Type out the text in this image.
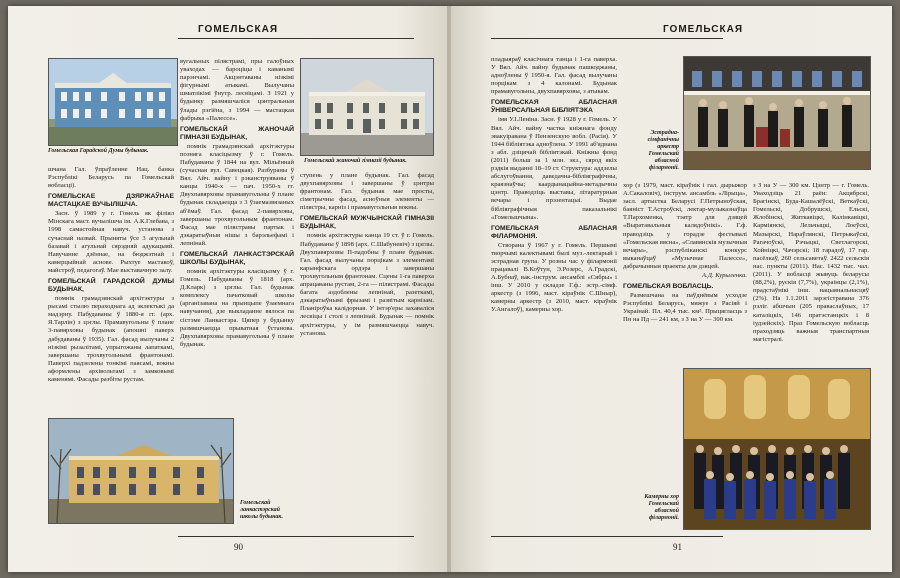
ГОМЕЛЬСКАЯ
Гомельская Гарадской Думы будынак.
Гомельскай жаночай гімназіі будынак.
Гомельскай ланкастэрскай школы будынак.

шчана Гал. ўпраўленне Нац. банка Рэспублікі Беларусь па Гомельскай вобласці).

ГОМЕЛЬСКАЕ ДЗЯРЖАЎНАЕ МАСТАЦКАЕ ВУЧЫЛІШЧА.

Засн. ў 1989 у г. Гомель як філіял Мінскага маст. вучылішча ім. А.К.Глебава, з 1998 самастойная навуч. установа з сучаснай назвай. Прыняты ўсе 3 агульнай базавай і агульнай сярэдняй адукацыяй. Навучанне дзённае, на бюджэтнай і камерцыйнай аснове. Рыхтуе мастакоў, майстроў, педагогаў. Мае выставачную залу.

ГОМЕЛЬСКАЙ ГАРАДСКОЙ ДУМЫ БУДЫНАК,

помнік грамадзянскай архітэктуры з рысамі стылю пераходнага ад эклектыкі да мадэрну. Пабудаваны ў 1880-я гг. (арх. Я.Тарлін) з цэглы. Прамавугольны ў плане 3-павярховы будынак (апошні паверх дабудаваны ў 1935). Гал. фасад вылучаны 2 нізкімі рызалітамі, упрыгожаны лапаткамі, завершаны трохвугольнымі франтонамі. Паверхі падзелены тонкімі паясамі, вокны аформлены архівольтамі з замковымі каменямі. Фасады разбіты рустам.

вугальных пілястрамі, пры галоўных уваходах — бароціцы і каванымі парэнчамі. Акцэнтаваны нізкімі фігурнымі атыкамі. Вылучаны шматлікімі ўнутр. лесвіцамі. З 1921 у будынку размяшчаліся цэнтральныя ўлады рэгіёна, з 1994 — мастацкая фабрыка «Палессе».

ГОМЕЛЬСКАЙ ЖАНОЧАЙ ГІМНАЗІІ БУДЫНАК,

помнік грамадзянскай архітэктуры позняга класіцызму ў г. Гомель. Пабудаваны ў 1844 на вул. Мільённай (сучасная вул. Савецкая). Разбураны ў Вял. Айч. вайну і рэканструяваны ў канцы 1940-х — пач. 1950-х гг. Двухпавярховы прамавугольны ў плане будынак складаецца з 3 ўзаемазвязаных аб'ёмаў. Гал. фасад 2-павярховы, завершаны трохвугольным франтонам. Фасад мае пілястравы партык і дэкаратыўныя нішы з барэльефамі і лепнінай.

ГОМЕЛЬСКАЙ ЛАНКАСТЭРСКАЙ ШКОЛЫ БУДЫНАК,

помнік архітэктуры класіцызму ў г. Гомель. Пабудаваны ў 1818 (арх. Д.Кларк) з цэглы. Гал. будынак комплексу пачатковай школы (арганізавана на прынцыпе ўзаемнага навучання), дзе выкладанне вялося па сістэме Ланкастэра. Цяпер у будынку размяшчаецца прыватная ўстанова. Двухпавярховы прамавугольны ў плане будынак.

ступень у плане будынак. Гал. фасад двухпавярховы і завершаны ў цэнтры франтонам. Гал. будынак мае просты, сіметрычны фасад, асноўныя элементы — пілястры, карніз і прамавугольныя вокны.

ГОМЕЛЬСКАЙ МУЖЧЫНСКАЙ ГІМНАЗІІ БУДЫНАК,

помнік архітэктуры канца 19 ст. ў г. Гомель. Пабудаваны ў 1898 (арх. С.Шабуневіч) з цэглы. Двухпавярховы П-падобны ў плане будынак. Гал. фасад вылучаны порцікам з элементамі карынфскага ордэра і завершаны трохвугольным франтонам. Сцены 1-га паверха апрацаваны рустам, 2-га — пілястрамі. Фасады багата аздоблены лепнінай, разеткамі, дэкаратыўнымі фрызамі і развітым карнізам. Планіроўка калідорная. У інтэр'еры захаваліся лесвіцы і столі з лепнінай. Будынак — помнік архітэктуры, у ім размяшчаецца навуч. установа.

90
ГОМЕЛЬСКАЯ
Эстрадна-сімфанічны аркестр Гомельскай абласной філармоніі.
Камерны хор Гомельскай абласной філармоніі.

пладыяраў класічнага танца і 1-га паверха. У Вял. Айч. вайну будынак пашкоджаны, адноўлены ў 1950-я. Гал. фасад вылучаны порцікам з 4 калонамі. Будынак прамавугольны, двухпавярховы, з атыкам.

ГОМЕЛЬСКАЯ АБЛАСНАЯ ЎНІВЕРСАЛЬНАЯ БІБЛІЯТЭКА

імя У.І.Леніна. Засн. ў 1928 у г. Гомель. У Вял. Айч. вайну частка кніжнага фонду эвакуіравана ў Пензенскую вобл. (Расія). У 1944 бібліятэка адноўлена. У 1991 аб'яднана з абл. дзіцячай бібліятэкай. Кніжны фонд (2011) больш за 1 млн. экз., сярод якіх рэдкія выданні 18–19 ст. Структура: аддзелы абслугоўвання, даведачна-бібліяграфічны, краязнаўчы; каардынацыйна-метадычны цэнтр. Праводзіць выставы, літаратурныя вечары і прэзентацыі. Выдае бібліяграфічныя паказальнікі «Гомельшчына».

ГОМЕЛЬСКАЯ АБЛАСНАЯ ФІЛАРМОНІЯ.

Створана ў 1967 у г. Гомель. Першымі творчымі калектывамі былі муз.-лектарый і эстрадная група. У розны час у філармоніі працавалі В.Коўтун, Э.Розерс, А.Градскі, А.Бубнаў, вак.-інструм. ансамблі «Сябры» і інш. У 2010 у складзе Г.ф.: эстр.-сімф. аркестр (з 1996, маст. кіраўнік С.Шныр), камерны аркестр (з 2010, маст. кіраўнік У.Ангалоў), камерны хор.

хор (з 1979, маст. кіраўнік і гал. дырыжор А.Сакаловіч), інструм. ансамбль «Лірыца», засл. артыстка Беларусі Г.Петрыноўская, баяніст Т.Астроўскі, лектар-музыказнаўца Т.Пархоменка, тэатр для дзяцей «Выратавальныя калядоўнікі». Г.ф. праводзіць у горадзе фестывалі «Гомельская вясна», «Славянскія музычныя вечары», рэспубліканскі конкурс выканаўцаў «Музычнае Палессе», дабрачынныя праекты для дзяцей.

А.Д. Курыленка.

ГОМЕЛЬСКАЯ ВОБЛАСЦЬ.

Размешчана на паўднёвым усходзе Рэспублікі Беларусь, мяжуе з Расіяй і Украінай. Пл. 40,4 тыс. км². Прыцягласць з Пн на Пд — 241 км, з З на У — 300 км.

з З на У — 300 км. Цэнтр — г. Гомель. Уваходзіць 21 раён: Акцябрскі, Брагінскі, Буда-Кашалёўскі, Веткаўскі, Гомельскі, Добрушскі, Ельскі, Жлобінскі, Житкавіцкі, Калінкавіцкі, Карміянскі, Лельчыцкі, Лоеўскі, Мазырскі, Нараўлянскі, Петрыкаўскі, Рагачоўскі, Рэчыцкі, Светлагорскі, Хойніцкі, Чачэрскі; 18 гарадоў, 17 гар. пасёлкаў, 260 сельсаветаў. 2422 сельскія нас. пункты (2011). Нас. 1432 тыс. чал. (2011). У вобласці жывуць беларусы (88,2%), рускія (7,7%), украінцы (2,1%), прадстаўнікі інш. нацыянальнасцяў (2%). На 1.1.2011 зарэгістравана 376 рэліг. абшчын (205 праваслаўных, 17 каталіцкіх, 146 пратэстанцкіх і 8 іудзейскіх). Праз Гомельскую вобласць праходзяць важныя транспартныя магістралі.

91
